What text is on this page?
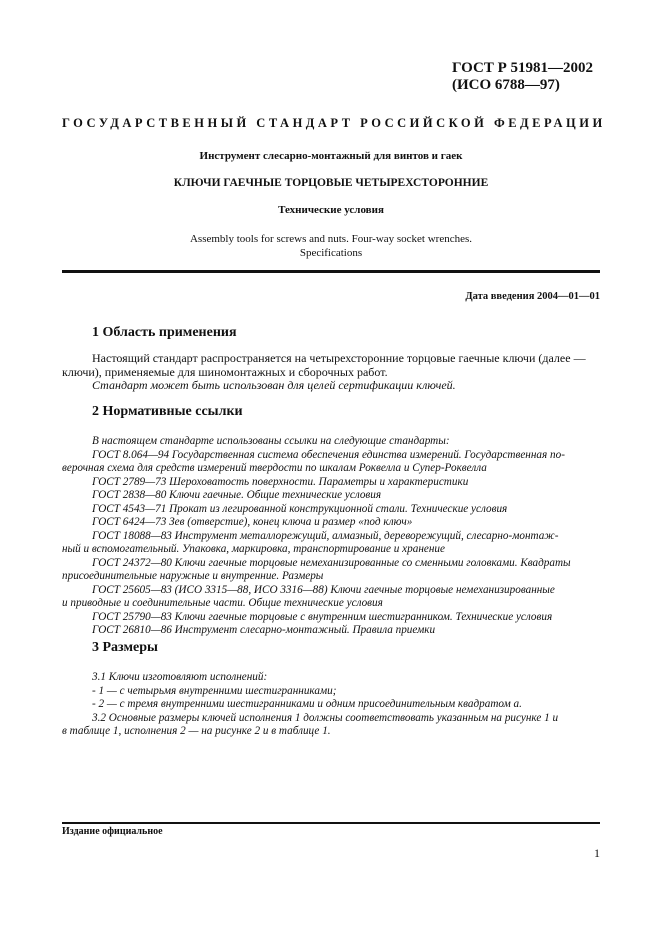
ГОСТ Р 51981—2002
(ИСО 6788—97)
ГОСУДАРСТВЕННЫЙ СТАНДАРТ РОССИЙСКОЙ ФЕДЕРАЦИИ
Инструмент слесарно-монтажный для винтов и гаек
КЛЮЧИ ГАЕЧНЫЕ ТОРЦОВЫЕ ЧЕТЫРЕХСТОРОННИЕ
Технические условия
Assembly tools for screws and nuts. Four-way socket wrenches.
Specifications
Дата введения 2004—01—01
1 Область применения
Настоящий стандарт распространяется на четырехсторонние торцовые гаечные ключи (далее —
ключи), применяемые для шиномонтажных и сборочных работ.
Стандарт может быть использован для целей сертификации ключей.
2 Нормативные ссылки
В настоящем стандарте использованы ссылки на следующие стандарты:
ГОСТ 8.064—94 Государственная система обеспечения единства измерений. Государственная по-
верочная схема для средств измерений твердости по шкалам Роквелла и Супер-Роквелла
ГОСТ 2789—73 Шероховатость поверхности. Параметры и характеристики
ГОСТ 2838—80 Ключи гаечные. Общие технические условия
ГОСТ 4543—71 Прокат из легированной конструкционной стали. Технические условия
ГОСТ 6424—73 Зев (отверстие), конец ключа и размер «под ключ»
ГОСТ 18088—83 Инструмент металлорежущий, алмазный, дереворежущий, слесарно-монтаж-
ный и вспомогательный. Упаковка, маркировка, транспортирование и хранение
ГОСТ 24372—80 Ключи гаечные торцовые немеханизированные со сменными головками. Квадраты
присоединительные наружные и внутренние. Размеры
ГОСТ 25605—83 (ИСО 3315—88, ИСО 3316—88) Ключи гаечные торцовые немеханизированные
и приводные и соединительные части. Общие технические условия
ГОСТ 25790—83 Ключи гаечные торцовые с внутренним шестигранником. Технические условия
ГОСТ 26810—86 Инструмент слесарно-монтажный. Правила приемки
3 Размеры
3.1 Ключи изготовляют исполнений:
- 1 — с четырьмя внутренними шестигранниками;
- 2 — с тремя внутренними шестигранниками и одним присоединительным квадратом а.
3.2 Основные размеры ключей исполнения 1 должны соответствовать указанным на рисунке 1 и
в таблице 1, исполнения 2 — на рисунке 2 и в таблице 1.
Издание официальное
1
